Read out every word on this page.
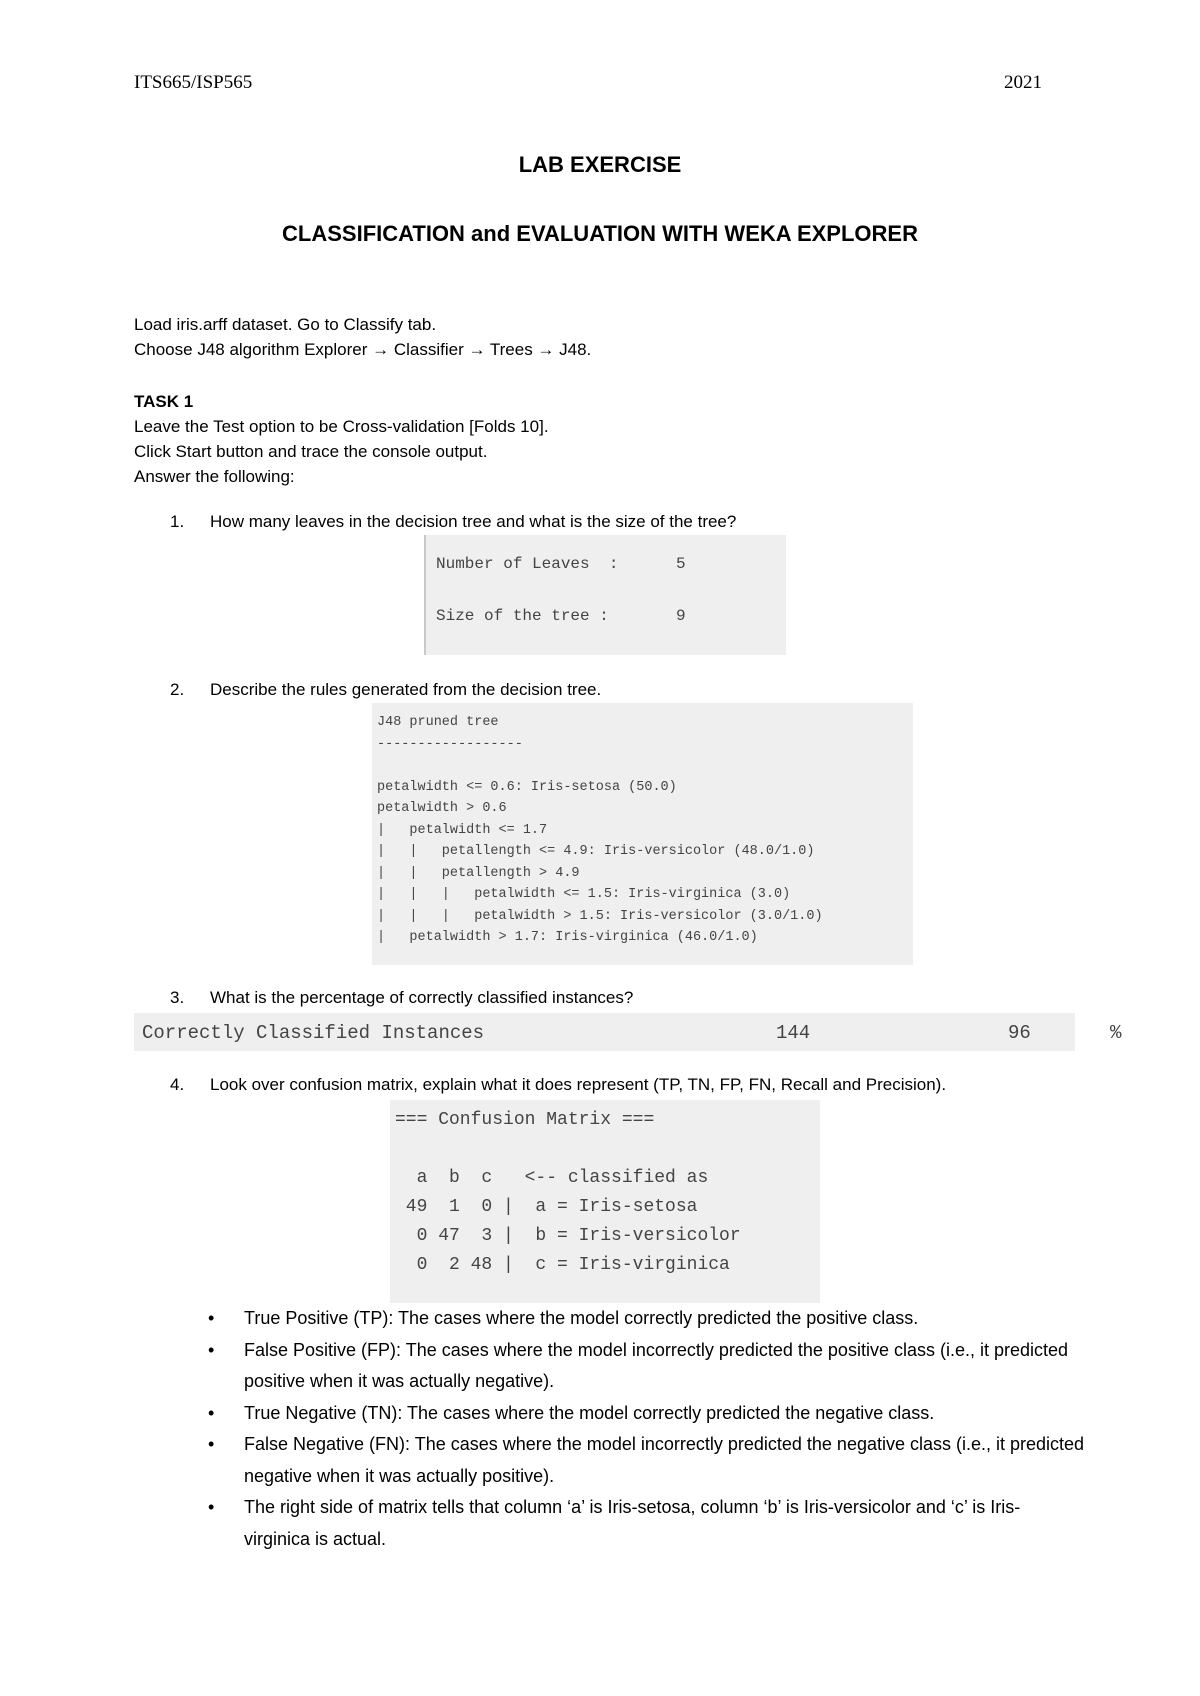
ITS665/ISP565	2021
LAB EXERCISE
CLASSIFICATION and EVALUATION WITH WEKA EXPLORER
Load iris.arff dataset. Go to Classify tab.
Choose J48 algorithm Explorer → Classifier → Trees → J48.
TASK 1
Leave the Test option to be Cross-validation [Folds 10].
Click Start button and trace the console output.
Answer the following:
1. How many leaves in the decision tree and what is the size of the tree?
Number of Leaves  :      5
Size of the tree :       9
2. Describe the rules generated from the decision tree.
J48 pruned tree
------------------

petalwidth <= 0.6: Iris-setosa (50.0)
petalwidth > 0.6
|   petalwidth <= 1.7
|   |   petallength <= 4.9: Iris-versicolor (48.0/1.0)
|   |   petallength > 4.9
|   |   |   petalwidth <= 1.5: Iris-virginica (3.0)
|   |   |   petalwidth > 1.5: Iris-versicolor (3.0/1.0)
|   petalwidth > 1.7: Iris-virginica (46.0/1.0)
3. What is the percentage of correctly classified instances?
Correctly Classified Instances	144	96	%
4. Look over confusion matrix, explain what it does represent (TP, TN, FP, FN, Recall and Precision).
=== Confusion Matrix ===

a  b  c   <-- classified as
49  1  0 |  a = Iris-setosa
0 47  3 |  b = Iris-versicolor
0  2 48 |  c = Iris-virginica
• True Positive (TP): The cases where the model correctly predicted the positive class.
• False Positive (FP): The cases where the model incorrectly predicted the positive class (i.e., it predicted positive when it was actually negative).
• True Negative (TN): The cases where the model correctly predicted the negative class.
• False Negative (FN): The cases where the model incorrectly predicted the negative class (i.e., it predicted negative when it was actually positive).
• The right side of matrix tells that column ‘a’ is Iris-setosa, column ‘b’ is Iris-versicolor and ‘c’ is Iris-virginica is actual.
